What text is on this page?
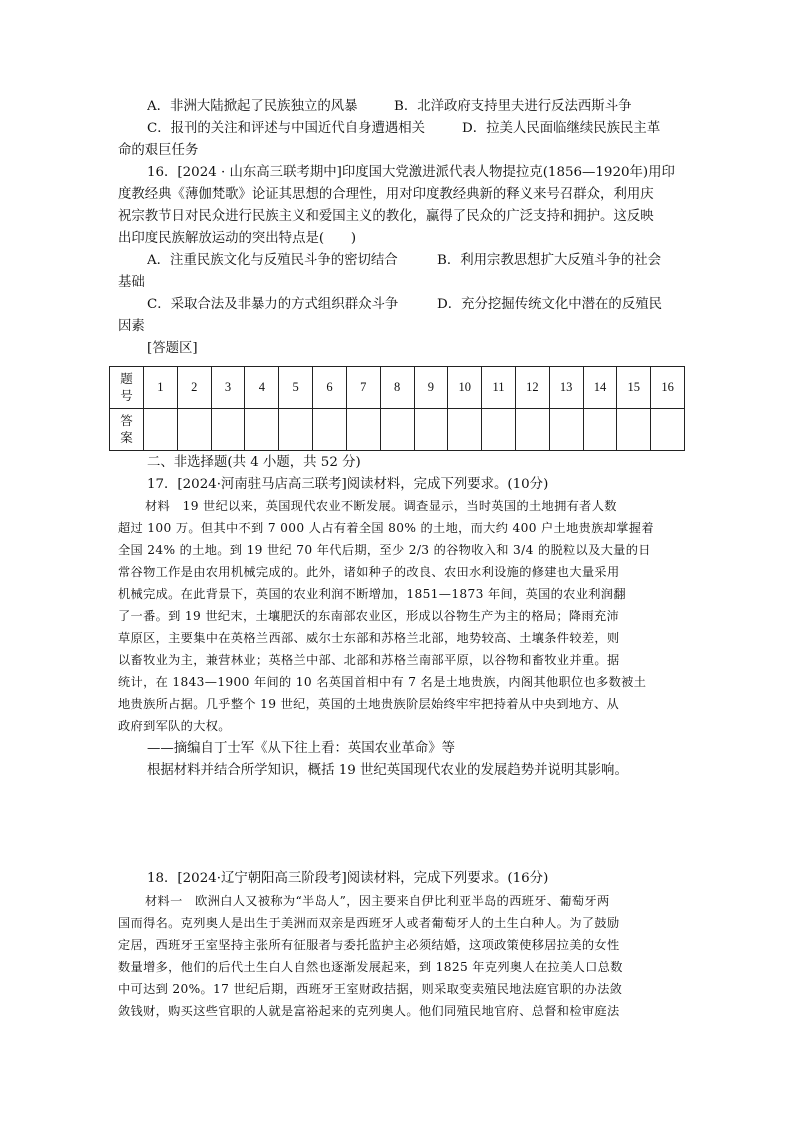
A．非洲大陆掀起了民族独立的风暴	B．北洋政府支持里夫进行反法西斯斗争
C．报刊的关注和评述与中国近代自身遭遇相关	D．拉美人民面临继续民族民主革
命的艰巨任务
16．[2024 · 山东高三联考期中]印度国大党激进派代表人物提拉克(1856—1920年)用印
度教经典《薄伽梵歌》论证其思想的合理性，用对印度教经典新的释义来号召群众，利用庆
祝宗教节日对民众进行民族主义和爱国主义的教化，赢得了民众的广泛支持和拥护。这反映
出印度民族解放运动的突出特点是(　　)
A．注重民族文化与反殖民斗争的密切结合	B．利用宗教思想扩大反殖斗争的社会
基础
C．采取合法及非暴力的方式组织群众斗争	D．充分挖掘传统文化中潜在的反殖民
因素
[答题区]
题
号	1	2	3	4	5	6	7	8	9	10	11	12	13	14	15	16

答
案																

二、非选择题(共 4 小题，共 52 分)
17．[2024·河南驻马店高三联考]阅读材料，完成下列要求。(10分)
材料　19 世纪以来，英国现代农业不断发展。调查显示，当时英国的土地拥有者人数
超过 100 万。但其中不到 7 000 人占有着全国 80% 的土地，而大约 400 户土地贵族却掌握着
全国 24% 的土地。到 19 世纪 70 年代后期，至少 2/3 的谷物收入和 3/4 的脱粒以及大量的日
常谷物工作是由农用机械完成的。此外，诸如种子的改良、农田水利设施的修建也大量采用
机械完成。在此背景下，英国的农业利润不断增加，1851—1873 年间，英国的农业利润翻
了一番。到 19 世纪末，土壤肥沃的东南部农业区，形成以谷物生产为主的格局；降雨充沛
草原区，主要集中在英格兰西部、威尔士东部和苏格兰北部，地势较高、土壤条件较差，则
以畜牧业为主，兼营林业；英格兰中部、北部和苏格兰南部平原，以谷物和畜牧业并重。据
统计，在 1843—1900 年间的 10 名英国首相中有 7 名是土地贵族，内阁其他职位也多数被土
地贵族所占据。几乎整个 19 世纪，英国的土地贵族阶层始终牢牢把持着从中央到地方、从
政府到军队的大权。
——摘编自丁士军《从下往上看：英国农业革命》等
根据材料并结合所学知识，概括 19 世纪英国现代农业的发展趋势并说明其影响。
18．[2024·辽宁朝阳高三阶段考]阅读材料，完成下列要求。(16分)
材料一　欧洲白人又被称为“半岛人”，因主要来自伊比利亚半岛的西班牙、葡萄牙两
国而得名。克列奥人是出生于美洲而双亲是西班牙人或者葡萄牙人的土生白种人。为了鼓励
定居，西班牙王室坚持主张所有征服者与委托监护主必须结婚，这项政策使移居拉美的女性
数量增多，他们的后代土生白人自然也逐渐发展起来，到 1825 年克列奥人在拉美人口总数
中可达到 20%。17 世纪后期，西班牙王室财政拮据，则采取变卖殖民地法庭官职的办法敛
敛钱财，购买这些官职的人就是富裕起来的克列奥人。他们同殖民地官府、总督和检审庭法
